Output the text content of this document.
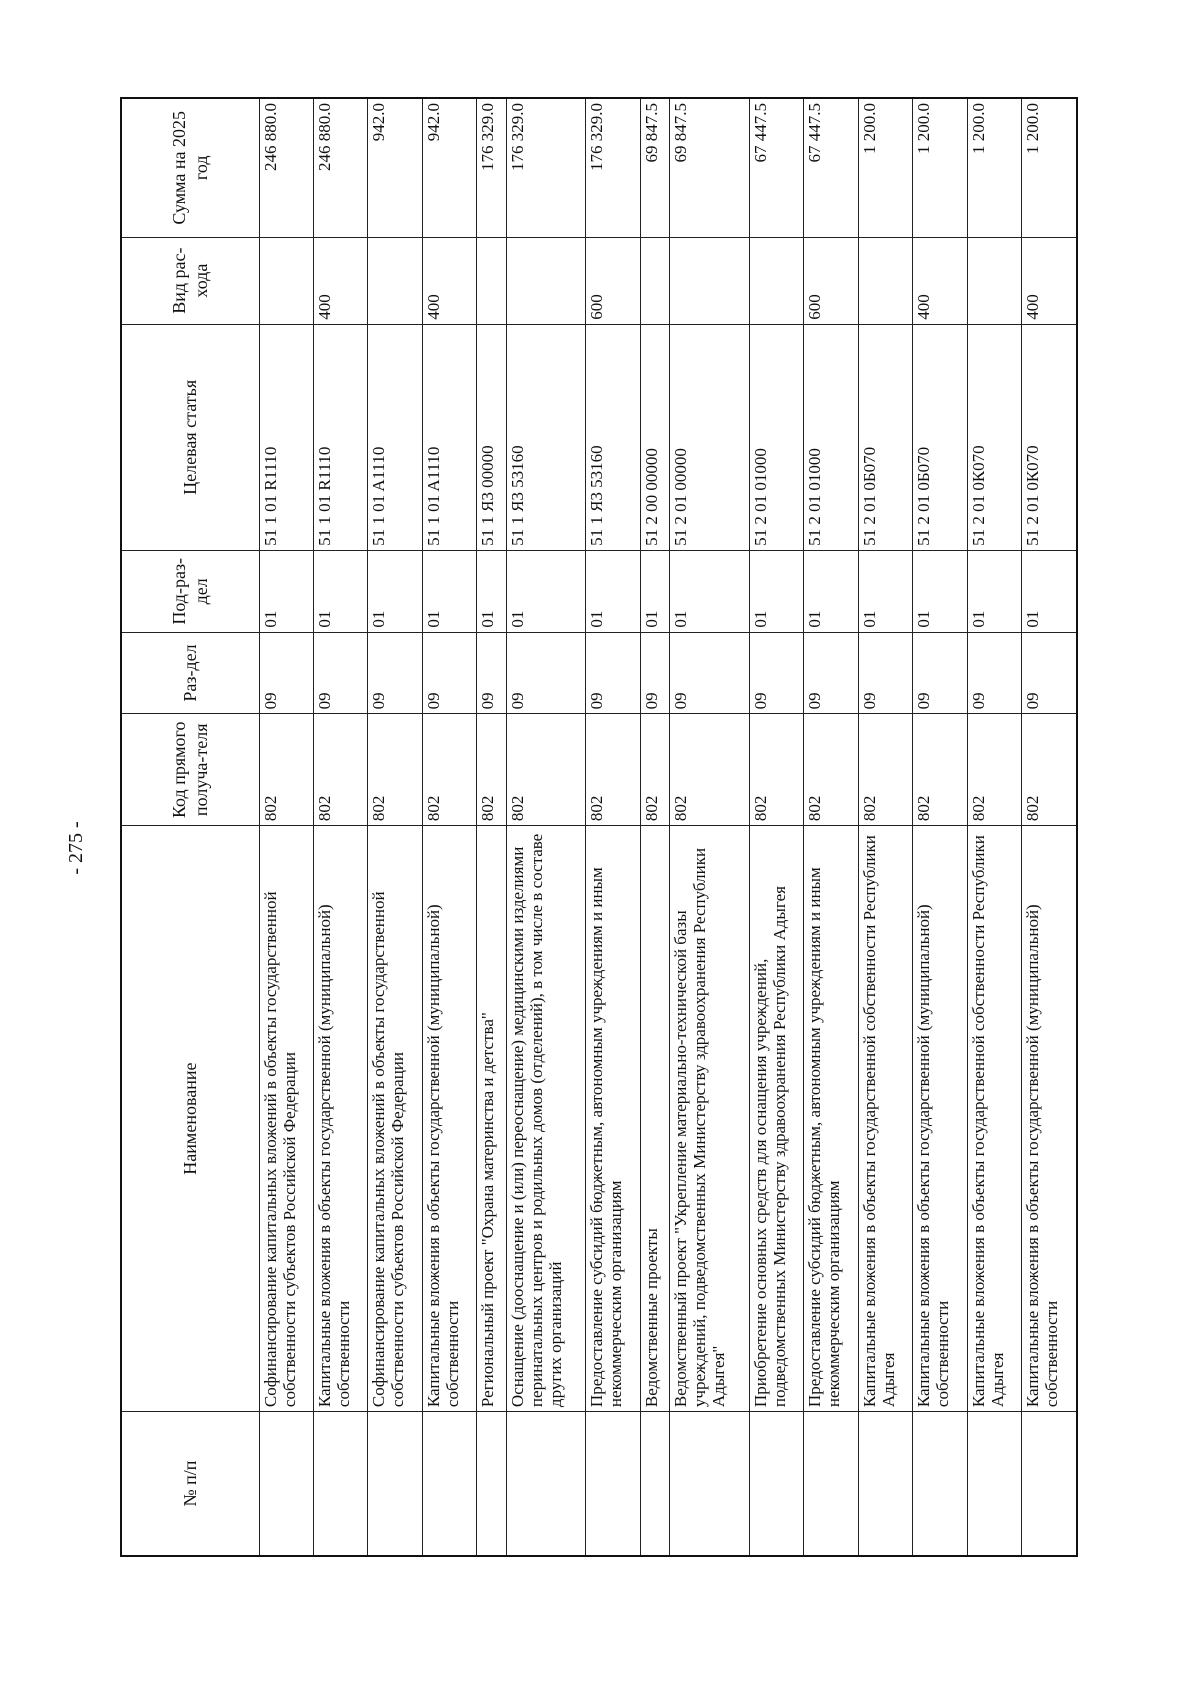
- 275 -
№ п/п	Наименование	Код прямого получа-теля	Раз-дел	Под-раз-дел	Целевая статья	Вид рас-хода	Сумма на 2025 год
	Софинансирование капитальных вложений в объекты государственной собственности субъектов Российской Федерации	802	09	01	51 1 01 R1110		246 880.0
	Капитальные вложения в объекты государственной (муниципальной) собственности	802	09	01	51 1 01 R1110	400	246 880.0
	Софинансирование капитальных вложений в объекты государственной собственности субъектов Российской Федерации	802	09	01	51 1 01 A1110		942.0
	Капитальные вложения в объекты государственной (муниципальной) собственности	802	09	01	51 1 01 A1110	400	942.0
	Региональный проект "Охрана материнства и детства"	802	09	01	51 1 Я3 00000		176 329.0
	Оснащение (дооснащение и (или) переоснащение) медицинскими изделиями перинатальных центров и родильных домов (отделений), в том числе в составе других организаций	802	09	01	51 1 Я3 53160		176 329.0
	Предоставление субсидий бюджетным, автономным учреждениям и иным некоммерческим организациям	802	09	01	51 1 Я3 53160	600	176 329.0
	Ведомственные проекты	802	09	01	51 2 00 00000		69 847.5
	Ведомственный проект "Укрепление материально-технической базы учреждений, подведомственных Министерству здравоохранения Республики Адыгея"	802	09	01	51 2 01 00000		69 847.5
	Приобретение основных средств для оснащения учреждений, подведомственных Министерству здравоохранения Республики Адыгея	802	09	01	51 2 01 01000		67 447.5
	Предоставление субсидий бюджетным, автономным учреждениям и иным некоммерческим организациям	802	09	01	51 2 01 01000	600	67 447.5
	Капитальные вложения в объекты государственной собственности Республики Адыгея	802	09	01	51 2 01 0Б070		1 200.0
	Капитальные вложения в объекты государственной (муниципальной) собственности	802	09	01	51 2 01 0Б070	400	1 200.0
	Капитальные вложения в объекты государственной собственности Республики Адыгея	802	09	01	51 2 01 0К070		1 200.0
	Капитальные вложения в объекты государственной (муниципальной) собственности	802	09	01	51 2 01 0К070	400	1 200.0
